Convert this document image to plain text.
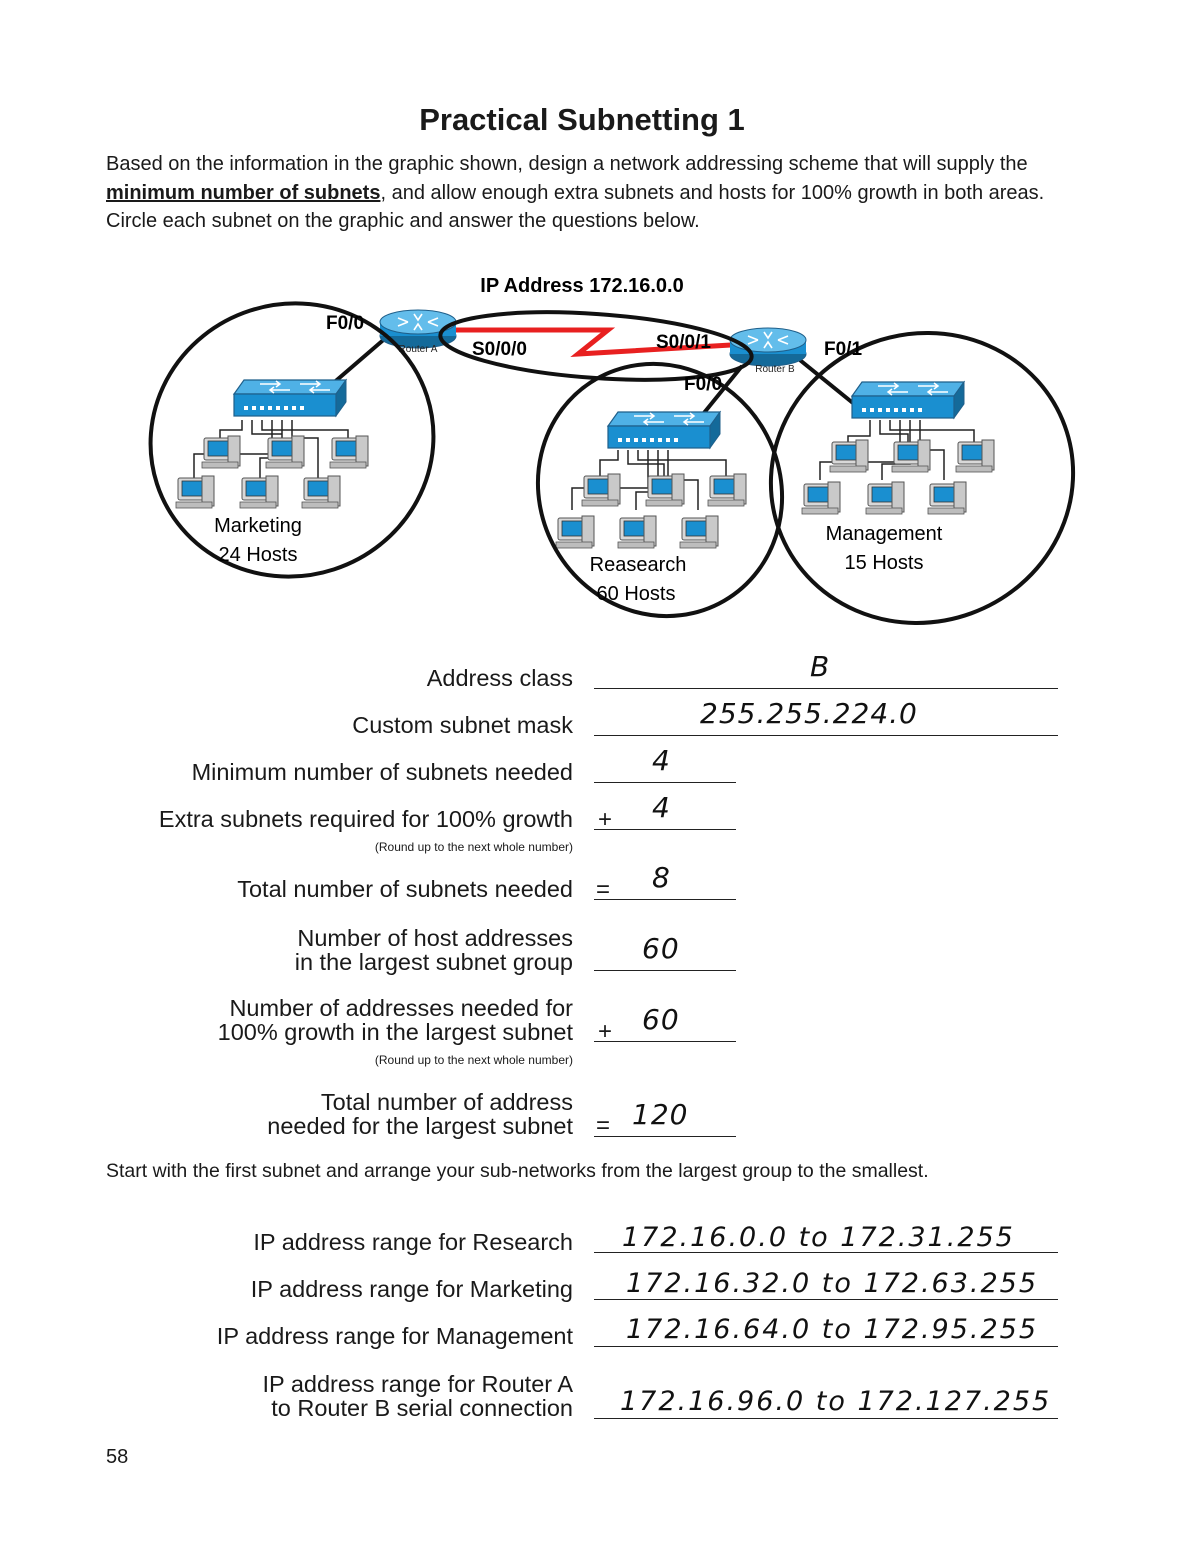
Practical Subnetting 1
Based on the information in the graphic shown, design a network addressing scheme that will supply the minimum number of subnets, and allow enough extra subnets and hosts for 100% growth in both areas. Circle each subnet on the graphic and answer the questions below.
Router A
Router B
IP Address 172.16.0.0
F0/0
S0/0/0	S0/0/1	F0/1
F0/0
Marketing
24 Hosts	Reasearch
60 Hosts
Management
15 Hosts
Address class	B
Custom subnet mask	255.255.224.0
Minimum number of subnets needed	4
Extra subnets required for 100% growth
(Round up to the next whole number)
+ 4
Total number of subnets needed = 8
Number of host addresses
in the largest subnet group 60
Number of addresses needed for
100% growth in the largest subnet
(Round up to the next whole number)
+ 60
Total number of address
needed for the largest subnet = 120
Start with the first subnet and arrange your sub-networks from the largest group to the smallest.
IP address range for Research 172.16.0.0 to 172.31.255
IP address range for Marketing 172.16.32.0 to 172.63.255
IP address range for Management 172.16.64.0 to 172.95.255
IP address range for Router A
to Router B serial connection 172.16.96.0 to 172.127.255
58
